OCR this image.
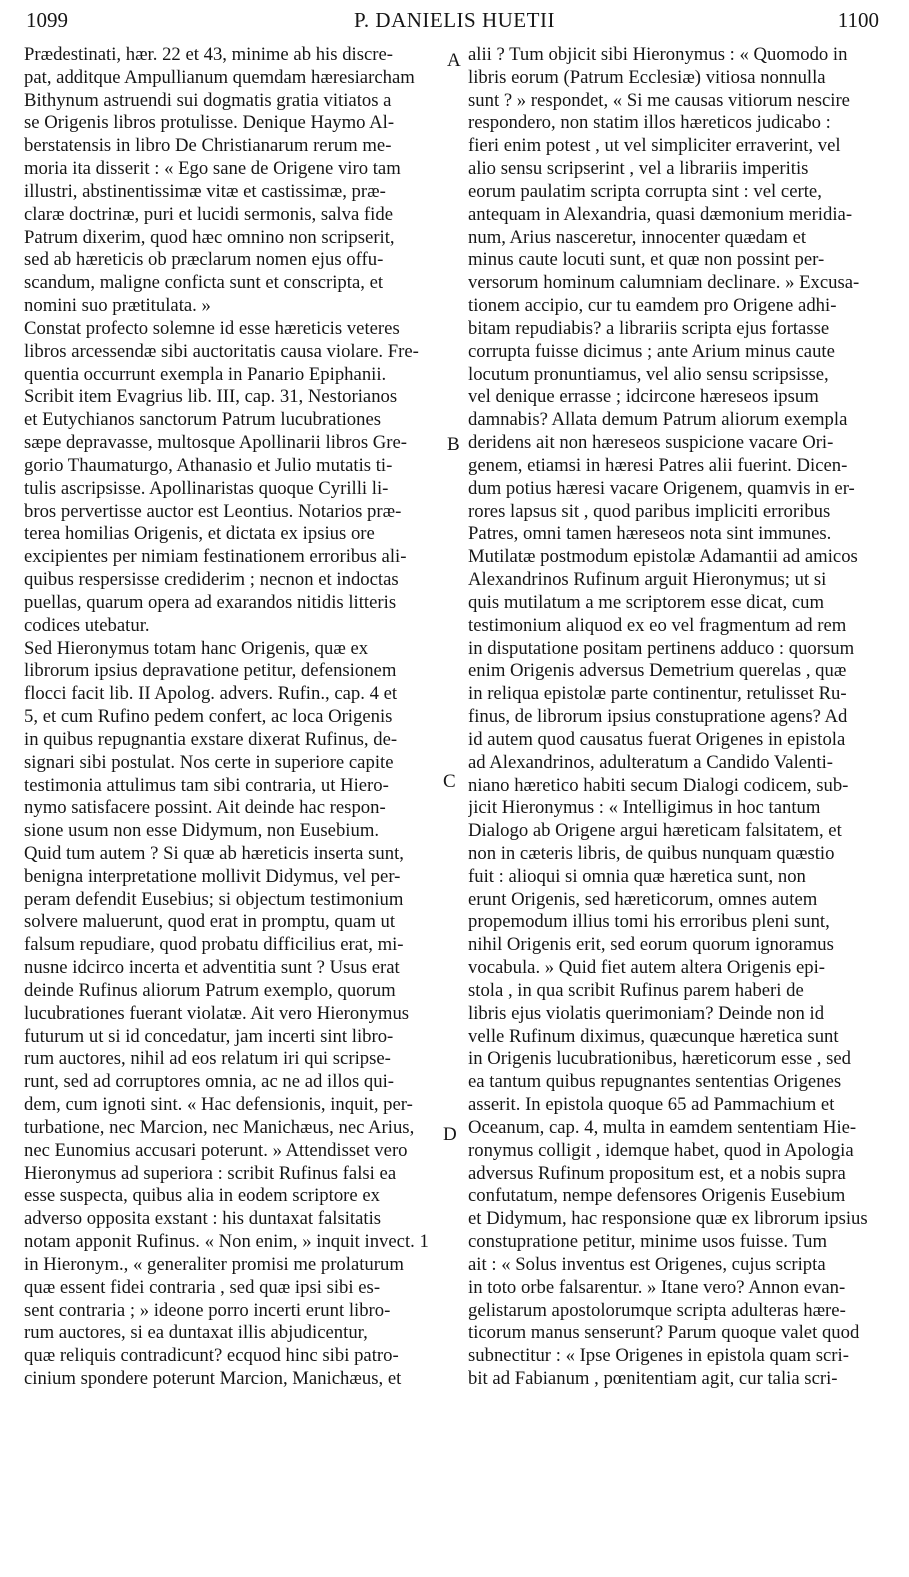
1099	P. DANIELIS HUETII	1100
Prædestinati, hær. 22 et 43, minime ab his discre-
pat, additque Ampullianum quemdam hæresiarcham
Bithynum astruendi sui dogmatis gratia vitiatos a
se Origenis libros protulisse. Denique Haymo Al-
berstatensis in libro De Christianarum rerum me-
moria ita disserit : « Ego sane de Origene viro tam
illustri, abstinentissimæ vitæ et castissimæ, præ-
claræ doctrinæ, puri et lucidi sermonis, salva fide
Patrum dixerim, quod hæc omnino non scripserit,
sed ab hæreticis ob præclarum nomen ejus offu-
scandum, maligne conficta sunt et conscripta, et
nomini suo prætitulata. »
Constat profecto solemne id esse hæreticis veteres
libros arcessendæ sibi auctoritatis causa violare. Fre-
quentia occurrunt exempla in Panario Epiphanii.
Scribit item Evagrius lib. III, cap. 31, Nestorianos
et Eutychianos sanctorum Patrum lucubrationes
sæpe depravasse, multosque Apollinarii libros Gre-
gorio Thaumaturgo, Athanasio et Julio mutatis ti-
tulis ascripsisse. Apollinaristas quoque Cyrilli li-
bros pervertisse auctor est Leontius. Notarios præ-
terea homilias Origenis, et dictata ex ipsius ore
excipientes per nimiam festinationem erroribus ali-
quibus respersisse crediderim ; necnon et indoctas
puellas, quarum opera ad exarandos nitidis litteris
codices utebatur.
Sed Hieronymus totam hanc Origenis, quæ ex
librorum ipsius depravatione petitur, defensionem
flocci facit lib. II Apolog. advers. Rufin., cap. 4 et
5, et cum Rufino pedem confert, ac loca Origenis
in quibus repugnantia exstare dixerat Rufinus, de-
signari sibi postulat. Nos certe in superiore capite
testimonia attulimus tam sibi contraria, ut Hiero-
nymo satisfacere possint. Ait deinde hac respon-
sione usum non esse Didymum, non Eusebium.
Quid tum autem ? Si quæ ab hæreticis inserta sunt,
benigna interpretatione mollivit Didymus, vel per-
peram defendit Eusebius; si objectum testimonium
solvere maluerunt, quod erat in promptu, quam ut
falsum repudiare, quod probatu difficilius erat, mi-
nusne idcirco incerta et adventitia sunt ? Usus erat
deinde Rufinus aliorum Patrum exemplo, quorum
lucubrationes fuerant violatæ. Ait vero Hieronymus
futurum ut si id concedatur, jam incerti sint libro-
rum auctores, nihil ad eos relatum iri qui scripse-
runt, sed ad corruptores omnia, ac ne ad illos qui-
dem, cum ignoti sint. « Hac defensionis, inquit, per-
turbatione, nec Marcion, nec Manichæus, nec Arius,
nec Eunomius accusari poterunt. » Attendisset vero
Hieronymus ad superiora : scribit Rufinus falsi ea
esse suspecta, quibus alia in eodem scriptore ex
adverso opposita exstant : his duntaxat falsitatis
notam apponit Rufinus. « Non enim, » inquit invect. 1
in Hieronym., « generaliter promisi me prolaturum
quæ essent fidei contraria , sed quæ ipsi sibi es-
sent contraria ; » ideone porro incerti erunt libro-
rum auctores, si ea duntaxat illis abjudicentur,
quæ reliquis contradicunt? ecquod hinc sibi patro-
cinium spondere poterunt Marcion, Manichæus, et
alii ? Tum objicit sibi Hieronymus : « Quomodo in
libris eorum (Patrum Ecclesiæ) vitiosa nonnulla
sunt ? » respondet, « Si me causas vitiorum nescire
respondero, non statim illos hæreticos judicabo :
fieri enim potest , ut vel simpliciter erraverint, vel
alio sensu scripserint , vel a librariis imperitis
eorum paulatim scripta corrupta sint : vel certe,
antequam in Alexandria, quasi dæmonium meridia-
num, Arius nasceretur, innocenter quædam et
minus caute locuti sunt, et quæ non possint per-
versorum hominum calumniam declinare. » Excusa-
tionem accipio, cur tu eamdem pro Origene adhi-
bitam repudiabis? a librariis scripta ejus fortasse
corrupta fuisse dicimus ; ante Arium minus caute
locutum pronuntiamus, vel alio sensu scripsisse,
vel denique errasse ; idcircone hæreseos ipsum
damnabis? Allata demum Patrum aliorum exempla
deridens ait non hæreseos suspicione vacare Ori-
genem, etiamsi in hæresi Patres alii fuerint. Dicen-
dum potius hæresi vacare Origenem, quamvis in er-
rores lapsus sit , quod paribus impliciti erroribus
Patres, omni tamen hæreseos nota sint immunes.
Mutilatæ postmodum epistolæ Adamantii ad amicos
Alexandrinos Rufinum arguit Hieronymus; ut si
quis mutilatum a me scriptorem esse dicat, cum
testimonium aliquod ex eo vel fragmentum ad rem
in disputatione positam pertinens adduco : quorsum
enim Origenis adversus Demetrium querelas , quæ
in reliqua epistolæ parte continentur, retulisset Ru-
finus, de librorum ipsius constupratione agens? Ad
id autem quod causatus fuerat Origenes in epistola
ad Alexandrinos, adulteratum a Candido Valenti-
niano hæretico habiti secum Dialogi codicem, sub-
jicit Hieronymus : « Intelligimus in hoc tantum
Dialogo ab Origene argui hæreticam falsitatem, et
non in cæteris libris, de quibus nunquam quæstio
fuit : alioqui si omnia quæ hæretica sunt, non
erunt Origenis, sed hæreticorum, omnes autem
propemodum illius tomi his erroribus pleni sunt,
nihil Origenis erit, sed eorum quorum ignoramus
vocabula. » Quid fiet autem altera Origenis epi-
stola , in qua scribit Rufinus parem haberi de
libris ejus violatis querimoniam? Deinde non id
velle Rufinum diximus, quæcunque hæretica sunt
in Origenis lucubrationibus, hæreticorum esse , sed
ea tantum quibus repugnantes sententias Origenes
asserit. In epistola quoque 65 ad Pammachium et
Oceanum, cap. 4, multa in eamdem sententiam Hie-
ronymus colligit , idemque habet, quod in Apologia
adversus Rufinum propositum est, et a nobis supra
confutatum, nempe defensores Origenis Eusebium
et Didymum, hac responsione quæ ex librorum ipsius
constupratione petitur, minime usos fuisse. Tum
ait : « Solus inventus est Origenes, cujus scripta
in toto orbe falsarentur. » Itane vero? Annon evan-
gelistarum apostolorumque scripta adulteras hære-
ticorum manus senserunt? Parum quoque valet quod
subnectitur : « Ipse Origenes in epistola quam scri-
bit ad Fabianum , pœnitentiam agit, cur talia scri-
A
B
C
D
